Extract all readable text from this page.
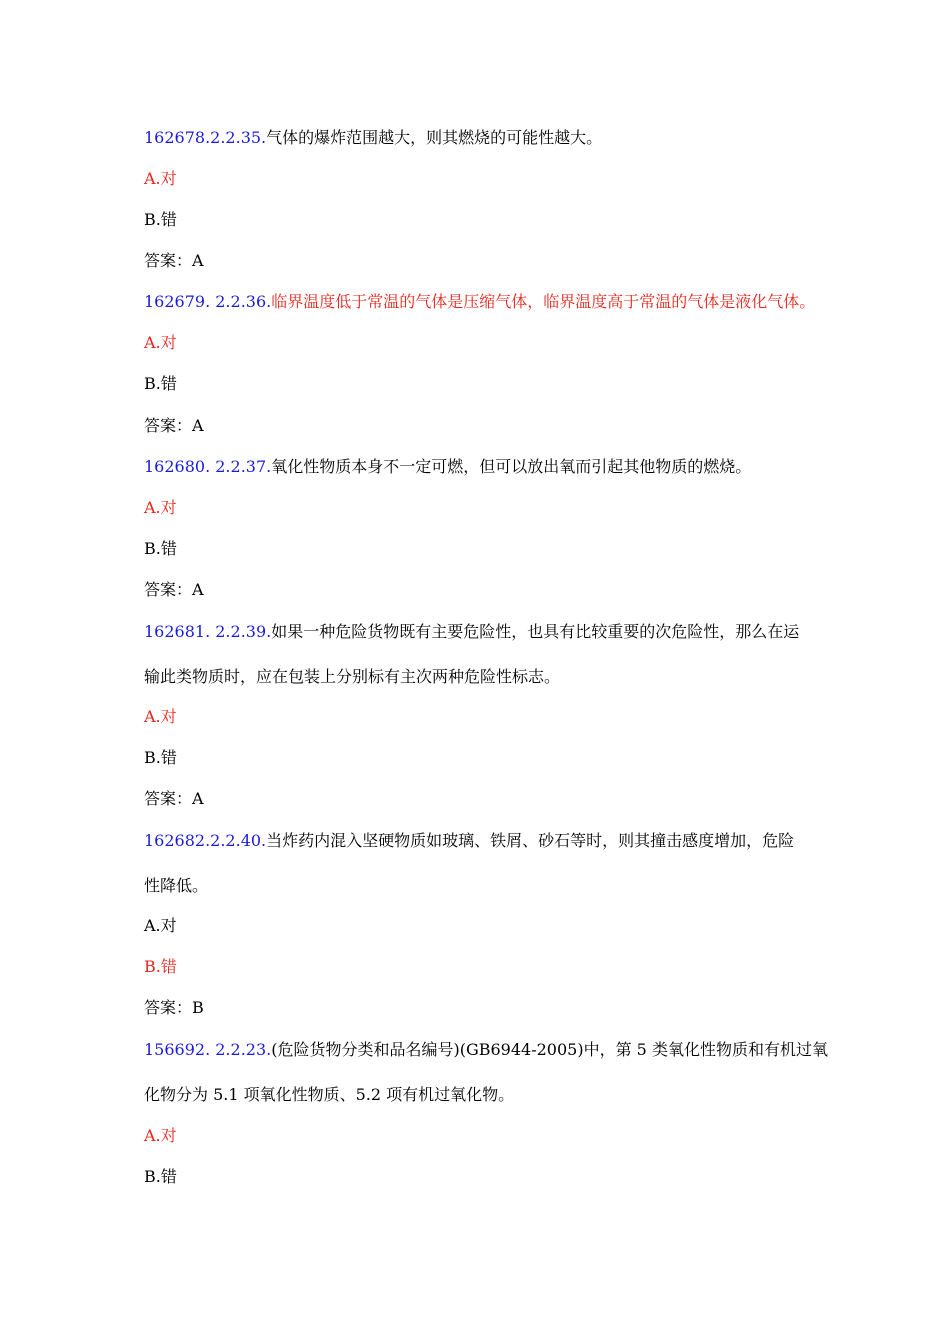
162678.2.2.35.气体的爆炸范围越大，则其燃烧的可能性越大。
A.对
B.错
答案：A
162679. 2.2.36.临界温度低于常温的气体是压缩气体，临界温度高于常温的气体是液化气体。
A.对
B.错
答案：A
162680. 2.2.37.氧化性物质本身不一定可燃，但可以放出氧而引起其他物质的燃烧。
A.对
B.错
答案：A
162681. 2.2.39.如果一种危险货物既有主要危险性，也具有比较重要的次危险性，那么在运
输此类物质时，应在包装上分别标有主次两种危险性标志。
A.对
B.错
答案：A
162682.2.2.40.当炸药内混入坚硬物质如玻璃、铁屑、砂石等时，则其撞击感度增加，危险
性降低。
A.对
B.错
答案：B
156692. 2.2.23.(危险货物分类和品名编号)(GB6944-2005)中，第 5 类氧化性物质和有机过氧
化物分为 5.1 项氧化性物质、5.2 项有机过氧化物。
A.对
B.错
